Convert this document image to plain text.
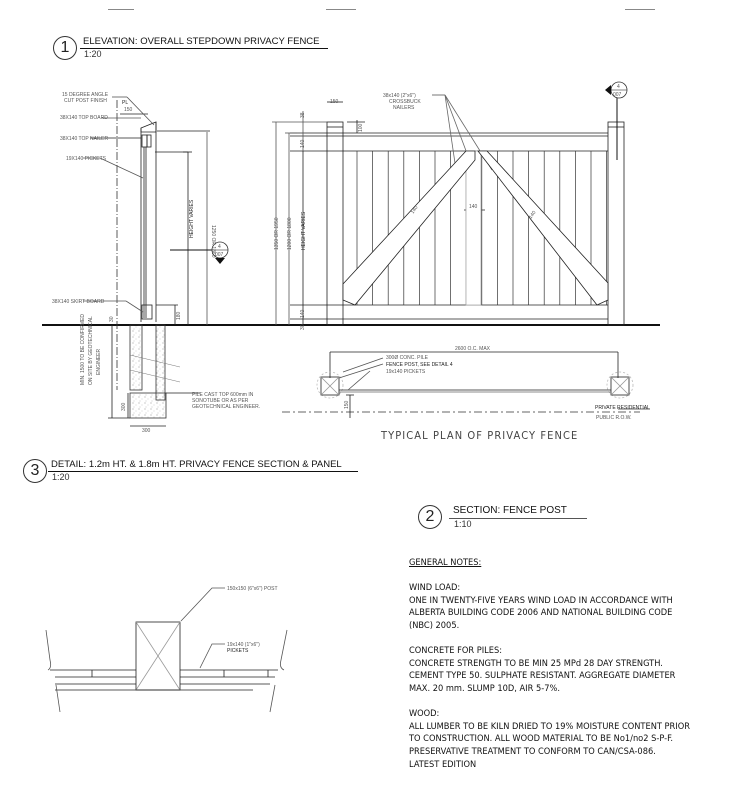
1	ELEVATION: OVERALL STEPDOWN PRIVACY FENCE
1:20
4
007
15 DEGREE ANGLE
CUT POST FINISH	PL
38X140 TOP BOARD
38X140 TOP NAILER
19X140 PICKETS
38X140 SKIRT BOARD
150
PILE CAST TOP 600mm IN
SONOTUBE OR AS PER
GEOTECHNICAL ENGINEER.
300
300
MIN. 1500 TO BE CONFIRMED ON SITE BY GEOTECHNICAL ENGINEER
30	180
HEIGHT VARIES
1250 OR 1860
4
007
38x140 (2"x6")
CROSSBUCK
NAILERS
150
38
100
140
140
140	140
140
1350 OR 1950 1200 OR 1800 HEIGHT VARIES
30
2600 O.C. MAX
300Ø CONC. PILE
FENCE POST, SEE DETAIL 4
19x140 PICKETS
150	PRIVATE RESIDENTIAL
PUBLIC R.O.W.
150x150 (6"x6") POST
19x140 (1"x6")
PICKETS
TYPICAL PLAN OF PRIVACY FENCE
3	DETAIL: 1.2m HT. & 1.8m HT. PRIVACY FENCE SECTION & PANEL
1:20
2	SECTION: FENCE POST
1:10

GENERAL NOTES:

WIND LOAD:

ONE IN TWENTY-FIVE YEARS WIND LOAD IN ACCORDANCE WITH

ALBERTA BUILDING CODE 2006 AND NATIONAL BUILDING CODE

(NBC) 2005.

CONCRETE FOR PILES:

CONCRETE STRENGTH TO BE MIN 25 MPd 28 DAY STRENGTH.

CEMENT TYPE 50. SULPHATE RESISTANT. AGGREGATE DIAMETER

MAX. 20 mm. SLUMP 10D, AIR 5-7%.

WOOD:

ALL LUMBER TO BE KILN DRIED TO 19% MOISTURE CONTENT PRIOR

TO CONSTRUCTION. ALL WOOD MATERIAL TO BE No1/no2 S-P-F.

PRESERVATIVE TREATMENT TO CONFORM TO CAN/CSA-086.

LATEST EDITION
